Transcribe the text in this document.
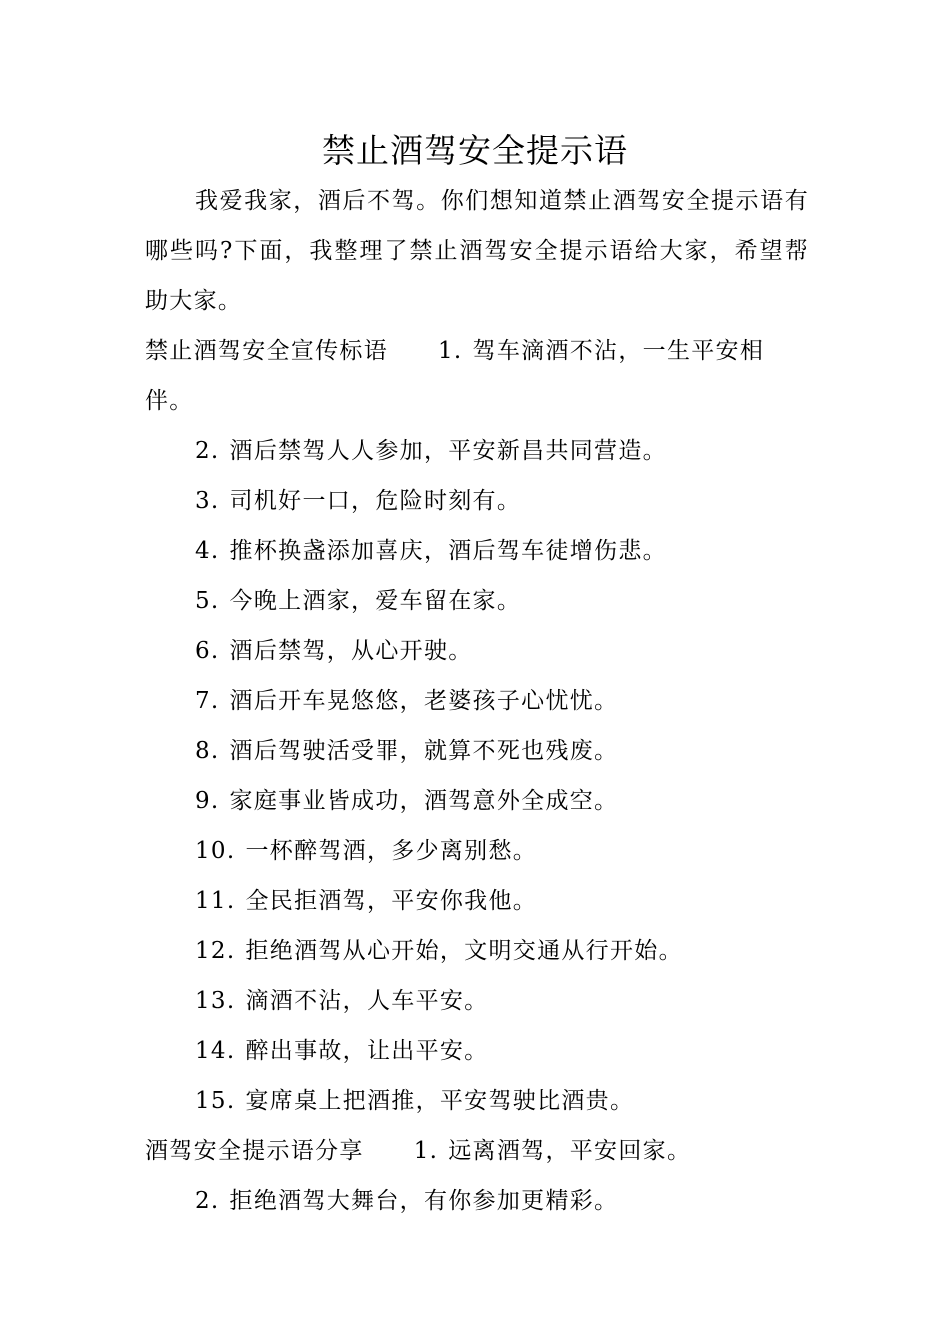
禁止酒驾安全提示语

我爱我家，酒后不驾。你们想知道禁止酒驾安全提示语有哪些吗?下面，我整理了禁止酒驾安全提示语给大家，希望帮助大家。

禁止酒驾安全宣传标语 1. 驾车滴酒不沾，一生平安相伴。

2. 酒后禁驾人人参加，平安新昌共同营造。

3. 司机好一口，危险时刻有。

4. 推杯换盏添加喜庆，酒后驾车徒增伤悲。

5. 今晚上酒家，爱车留在家。

6. 酒后禁驾，从心开驶。

7. 酒后开车晃悠悠，老婆孩子心忧忧。

8. 酒后驾驶活受罪，就算不死也残废。

9. 家庭事业皆成功，酒驾意外全成空。

10. 一杯醉驾酒，多少离别愁。

11. 全民拒酒驾，平安你我他。

12. 拒绝酒驾从心开始，文明交通从行开始。

13. 滴酒不沾，人车平安。

14. 醉出事故，让出平安。

15. 宴席桌上把酒推，平安驾驶比酒贵。

酒驾安全提示语分享 1. 远离酒驾，平安回家。

2. 拒绝酒驾大舞台，有你参加更精彩。
